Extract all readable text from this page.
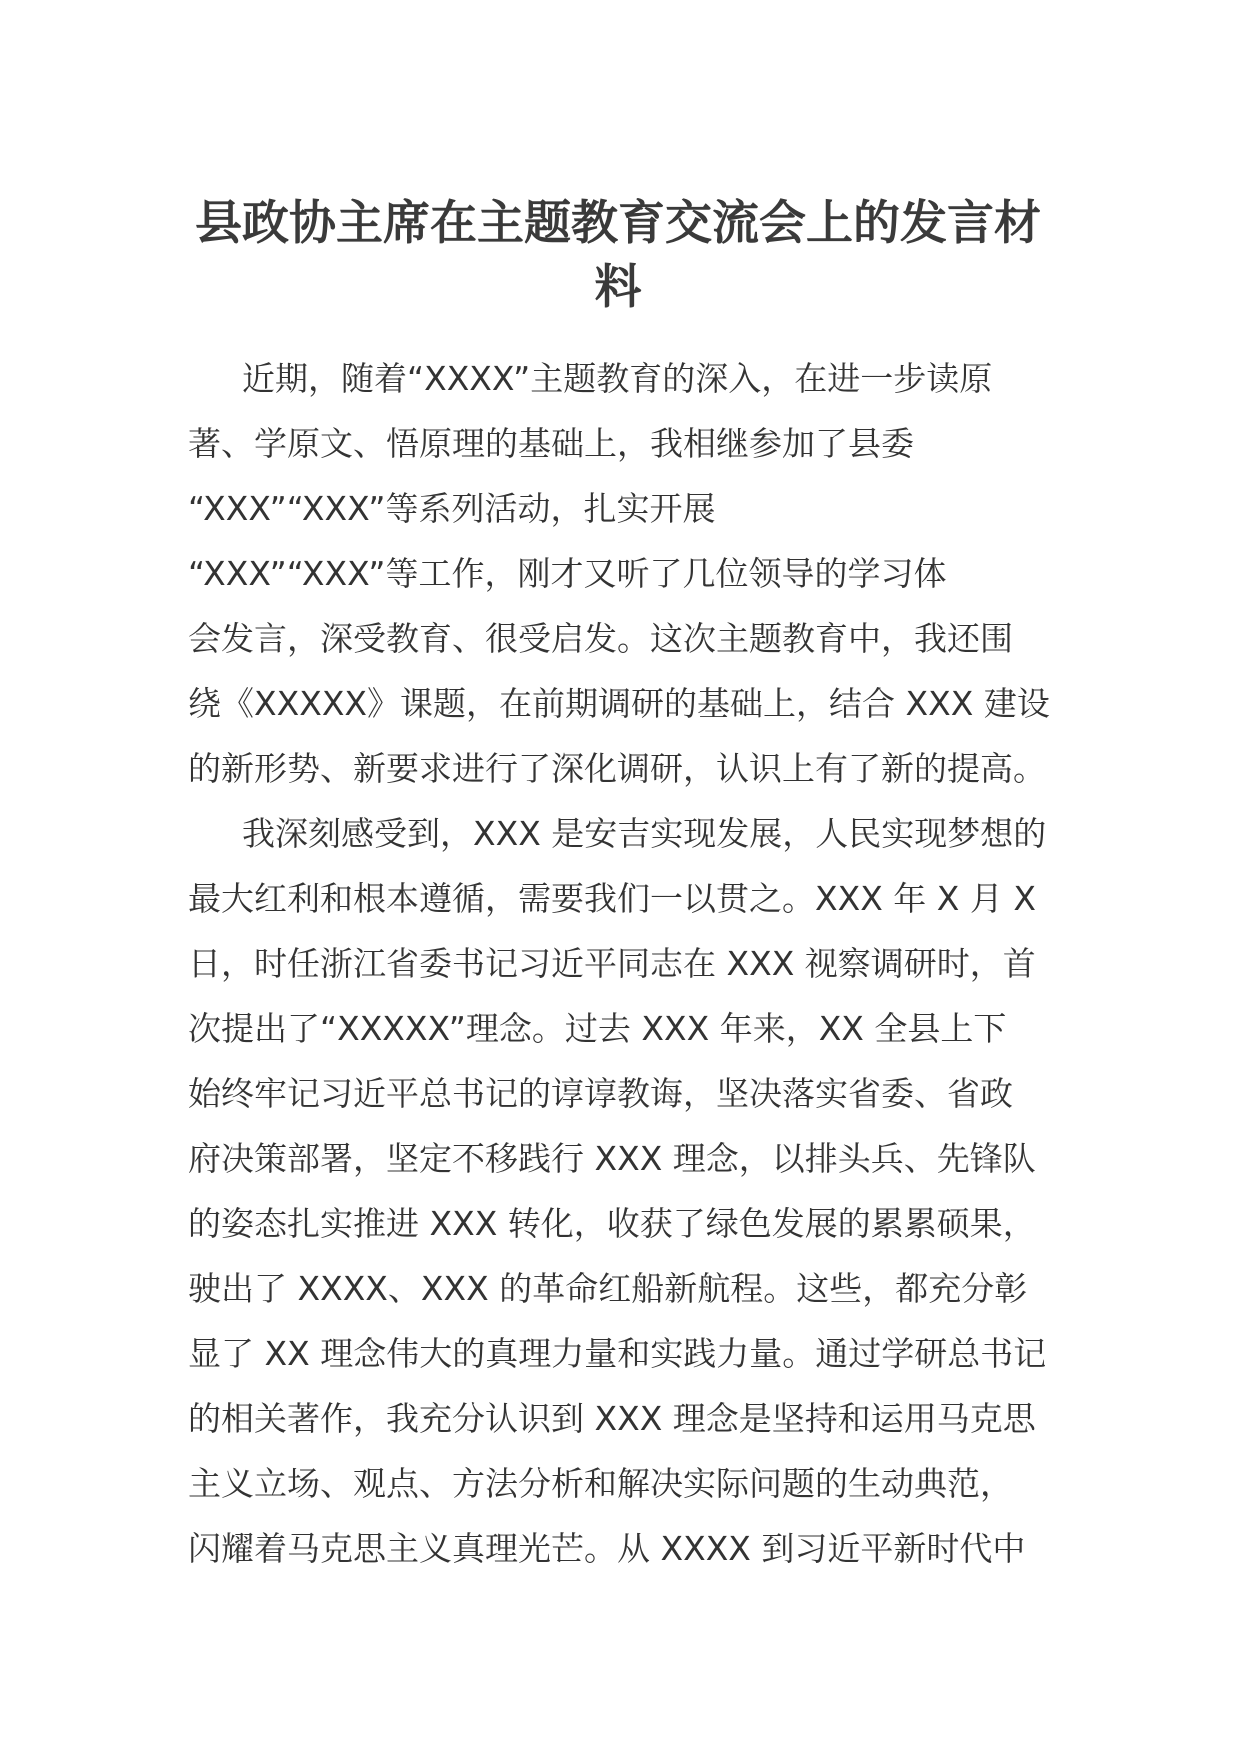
县政协主席在主题教育交流会上的发言材
料
近期，随着“XXXX”主题教育的深入，在进一步读原
著、学原文、悟原理的基础上，我相继参加了县委
“XXX”“XXX”等系列活动，扎实开展
“XXX”“XXX”等工作，刚才又听了几位领导的学习体
会发言，深受教育、很受启发。这次主题教育中，我还围
绕《XXXXX》课题，在前期调研的基础上，结合 XXX 建设
的新形势、新要求进行了深化调研，认识上有了新的提高。
我深刻感受到，XXX 是安吉实现发展，人民实现梦想的
最大红利和根本遵循，需要我们一以贯之。XXX 年 X 月 X
日，时任浙江省委书记习近平同志在 XXX 视察调研时，首
次提出了“XXXXX”理念。过去 XXX 年来，XX 全县上下
始终牢记习近平总书记的谆谆教诲，坚决落实省委、省政
府决策部署，坚定不移践行 XXX 理念，以排头兵、先锋队
的姿态扎实推进 XXX 转化，收获了绿色发展的累累硕果，
驶出了 XXXX、XXX 的革命红船新航程。这些，都充分彰
显了 XX 理念伟大的真理力量和实践力量。通过学研总书记
的相关著作，我充分认识到 XXX 理念是坚持和运用马克思
主义立场、观点、方法分析和解决实际问题的生动典范，
闪耀着马克思主义真理光芒。从 XXXX 到习近平新时代中
